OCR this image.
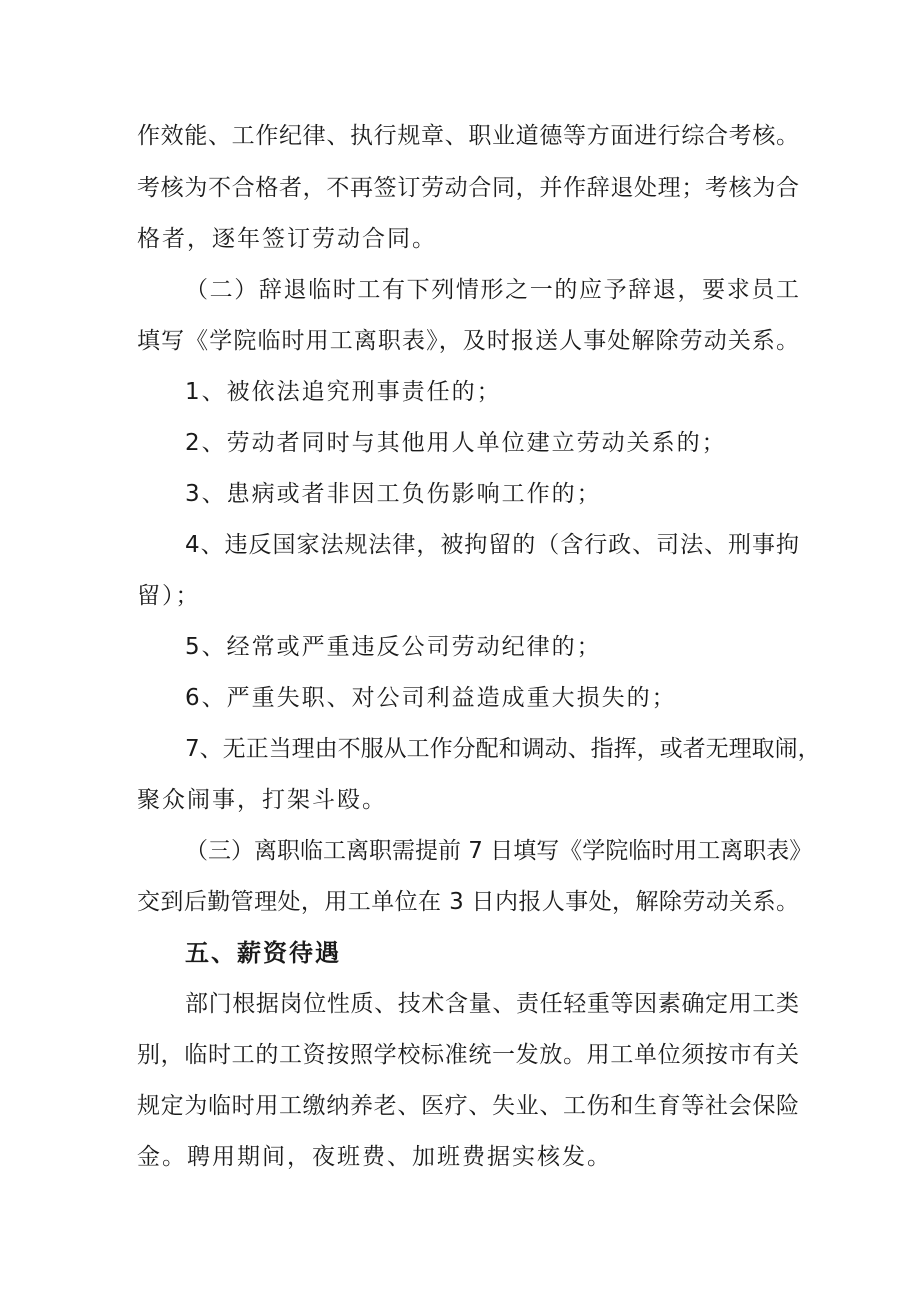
作效能、工作纪律、执行规章、职业道德等方面进行综合考核。
考核为不合格者，不再签订劳动合同，并作辞退处理；考核为合
格者，逐年签订劳动合同。
（二）辞退临时工有下列情形之一的应予辞退，要求员工
填写《学院临时用工离职表》，及时报送人事处解除劳动关系。
1、被依法追究刑事责任的；
2、劳动者同时与其他用人单位建立劳动关系的；
3、患病或者非因工负伤影响工作的；
4、违反国家法规法律，被拘留的（含行政、司法、刑事拘
留）；
5、经常或严重违反公司劳动纪律的；
6、严重失职、对公司利益造成重大损失的；
7、无正当理由不服从工作分配和调动、指挥，或者无理取闹，
聚众闹事，打架斗殴。
（三）离职临工离职需提前 7 日填写《学院临时用工离职表》
交到后勤管理处，用工单位在 3 日内报人事处，解除劳动关系。
五、薪资待遇
部门根据岗位性质、技术含量、责任轻重等因素确定用工类
别，临时工的工资按照学校标准统一发放。用工单位须按市有关
规定为临时用工缴纳养老、医疗、失业、工伤和生育等社会保险
金。聘用期间，夜班费、加班费据实核发。
